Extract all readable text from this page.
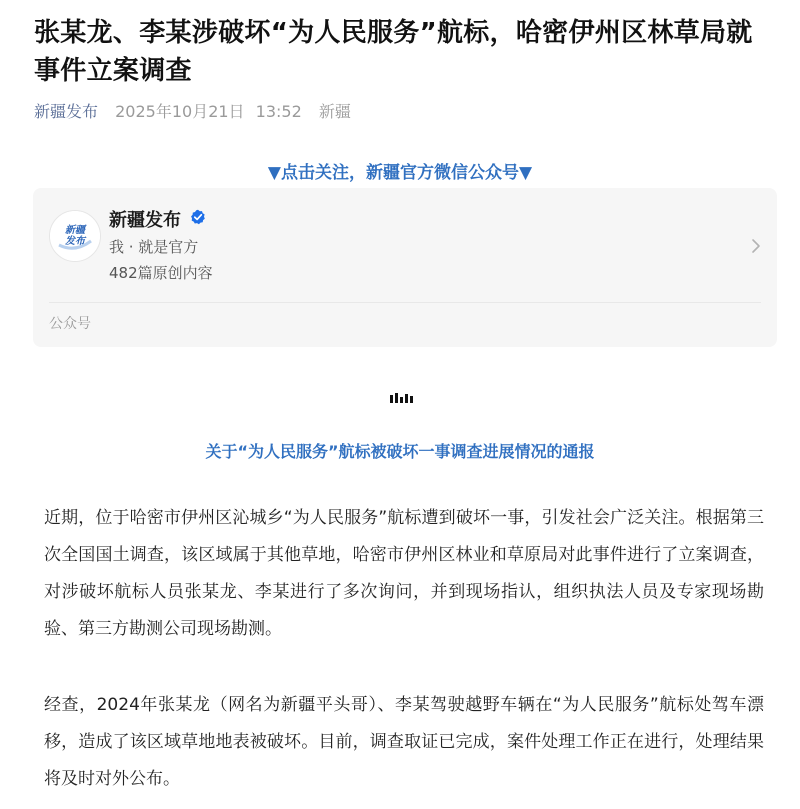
张某龙、李某涉破坏“为人民服务”航标，哈密伊州区林草局就事件立案调查
新疆发布 2025年10月21日 13:52 新疆
▼点击关注，新疆官方微信公众号▼
新疆
发布
新疆发布
我 · 就是官方
482篇原创内容
公众号
关于“为人民服务”航标被破坏一事调查进展情况的通报

近期，位于哈密市伊州区沁城乡“为人民服务”航标遭到破坏一事，引发社会广泛关注。根据第三次全国国土调查，该区域属于其他草地，哈密市伊州区林业和草原局对此事件进行了立案调查，对涉破坏航标人员张某龙、李某进行了多次询问，并到现场指认，组织执法人员及专家现场勘验、第三方勘测公司现场勘测。

经查，2024年张某龙（网名为新疆平头哥）、李某驾驶越野车辆在“为人民服务”航标处驾车漂移，造成了该区域草地地表被破坏。目前，调查取证已完成，案件处理工作正在进行，处理结果将及时对外公布。
